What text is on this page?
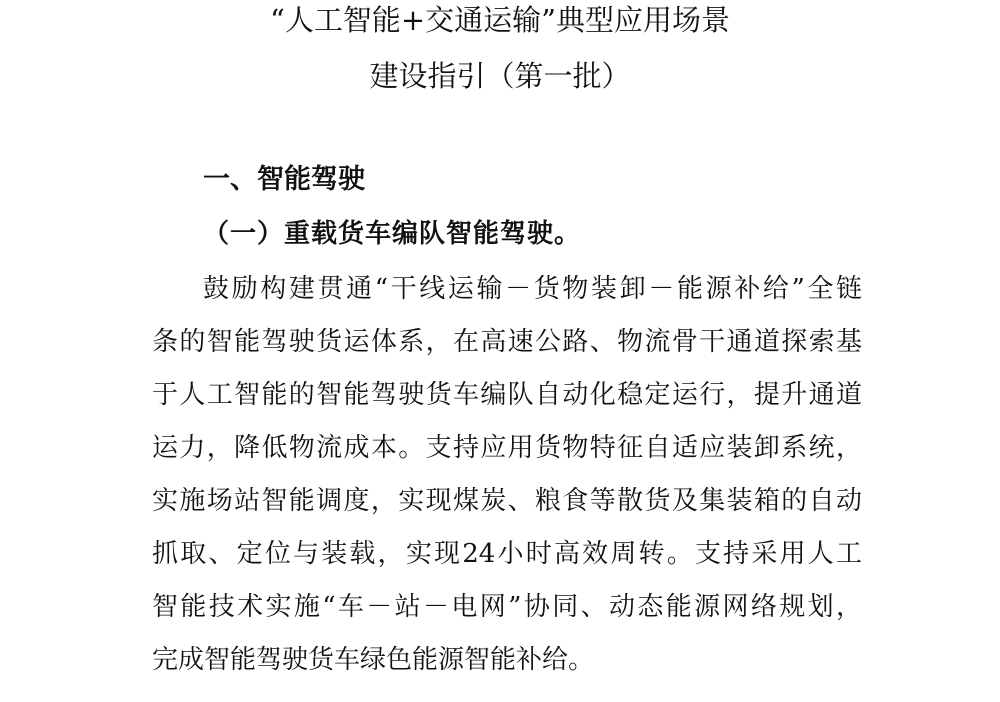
“人工智能+交通运输”典型应用场景
建设指引（第一批）
一、智能驾驶
（一）重载货车编队智能驾驶。
鼓励构建贯通“干线运输－货物装卸－能源补给”全链
条的智能驾驶货运体系，在高速公路、物流骨干通道探索基
于人工智能的智能驾驶货车编队自动化稳定运行，提升通道
运力，降低物流成本。支持应用货物特征自适应装卸系统，
实施场站智能调度，实现煤炭、粮食等散货及集装箱的自动
抓取、定位与装载，实现24小时高效周转。支持采用人工
智能技术实施“车－站－电网”协同、动态能源网络规划，
完成智能驾驶货车绿色能源智能补给。
